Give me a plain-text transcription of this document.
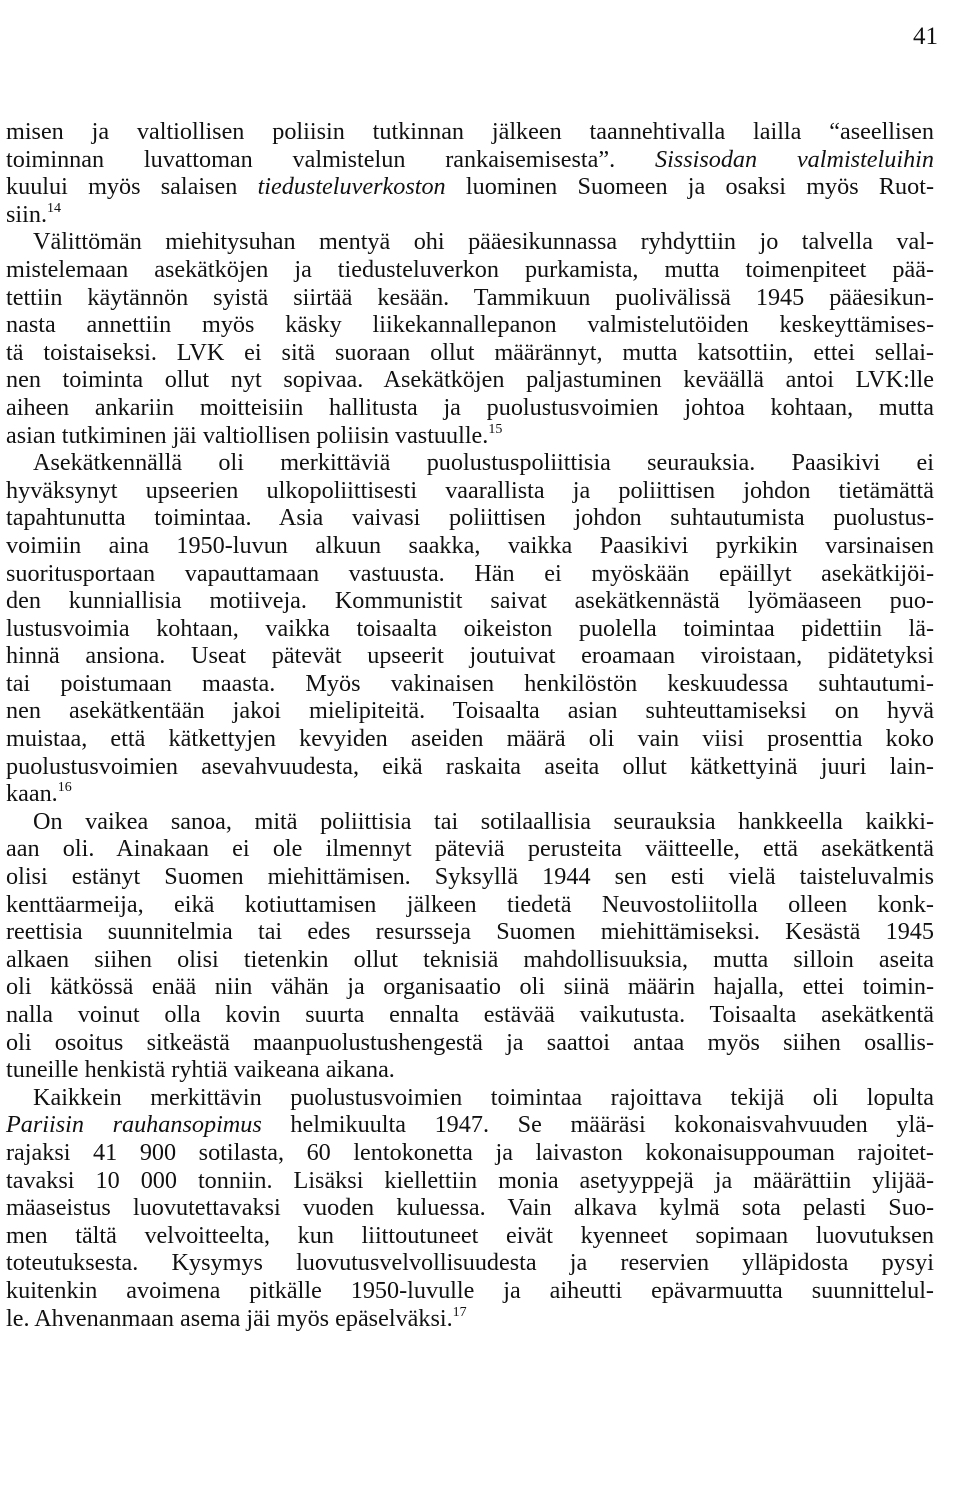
41
misen ja valtiollisen poliisin tutkinnan jälkeen taannehtivalla lailla “aseellisen
toiminnan luvattoman valmistelun rankaisemisesta”. Sissisodan valmisteluihin
kuului myös salaisen tiedusteluverkoston luominen Suomeen ja osaksi myös Ruot-
siin.$^{14}$
Välittömän miehitysuhan mentyä ohi pääesikunnassa ryhdyttiin jo talvella val-
mistelemaan asekätköjen ja tiedusteluverkon purkamista, mutta toimenpiteet pää-
tettiin käytännön syistä siirtää kesään. Tammikuun puolivälissä 1945 pääesikun-
nasta annettiin myös käsky liikekannallepanon valmistelutöiden keskeyttämises-
tä toistaiseksi. LVK ei sitä suoraan ollut määrännyt, mutta katsottiin, ettei sellai-
nen toiminta ollut nyt sopivaa. Asekätköjen paljastuminen keväällä antoi LVK:lle
aiheen ankariin moitteisiin hallitusta ja puolustusvoimien johtoa kohtaan, mutta
asian tutkiminen jäi valtiollisen poliisin vastuulle.$^{15}$
Asekätkennällä oli merkittäviä puolustuspoliittisia seurauksia. Paasikivi ei
hyväksynyt upseerien ulkopoliittisesti vaarallista ja poliittisen johdon tietämättä
tapahtunutta toimintaa. Asia vaivasi poliittisen johdon suhtautumista puolustus-
voimiin aina 1950-luvun alkuun saakka, vaikka Paasikivi pyrkikin varsinaisen
suoritusportaan vapauttamaan vastuusta. Hän ei myöskään epäillyt asekätkijöi-
den kunniallisia motiiveja. Kommunistit saivat asekätkennästä lyömäaseen puo-
lustusvoimia kohtaan, vaikka toisaalta oikeiston puolella toimintaa pidettiin lä-
hinnä ansiona. Useat pätevät upseerit joutuivat eroamaan viroistaan, pidätetyksi
tai poistumaan maasta. Myös vakinaisen henkilöstön keskuudessa suhtautumi-
nen asekätkentään jakoi mielipiteitä. Toisaalta asian suhteuttamiseksi on hyvä
muistaa, että kätkettyjen kevyiden aseiden määrä oli vain viisi prosenttia koko
puolustusvoimien asevahvuudesta, eikä raskaita aseita ollut kätkettyinä juuri lain-
kaan.$^{16}$
On vaikea sanoa, mitä poliittisia tai sotilaallisia seurauksia hankkeella kaikki-
aan oli. Ainakaan ei ole ilmennyt päteviä perusteita väitteelle, että asekätkentä
olisi estänyt Suomen miehittämisen. Syksyllä 1944 sen esti vielä taisteluvalmis
kenttäarmeija, eikä kotiuttamisen jälkeen tiedetä Neuvostoliitolla olleen konk-
reettisia suunnitelmia tai edes resursseja Suomen miehittämiseksi. Kesästä 1945
alkaen siihen olisi tietenkin ollut teknisiä mahdollisuuksia, mutta silloin aseita
oli kätkössä enää niin vähän ja organisaatio oli siinä määrin hajalla, ettei toimin-
nalla voinut olla kovin suurta ennalta estävää vaikutusta. Toisaalta asekätkentä
oli osoitus sitkeästä maanpuolustushengestä ja saattoi antaa myös siihen osallis-
tuneille henkistä ryhtiä vaikeana aikana.
Kaikkein merkittävin puolustusvoimien toimintaa rajoittava tekijä oli lopulta
Pariisin rauhansopimus helmikuulta 1947. Se määräsi kokonaisvahvuuden ylä-
rajaksi 41 900 sotilasta, 60 lentokonetta ja laivaston kokonaisuppouman rajoitet-
tavaksi 10 000 tonniin. Lisäksi kiellettiin monia asetyyppejä ja määrättiin ylijää-
mäaseistus luovutettavaksi vuoden kuluessa. Vain alkava kylmä sota pelasti Suo-
men tältä velvoitteelta, kun liittoutuneet eivät kyenneet sopimaan luovutuksen
toteutuksesta. Kysymys luovutusvelvollisuudesta ja reservien ylläpidosta pysyi
kuitenkin avoimena pitkälle 1950-luvulle ja aiheutti epävarmuutta suunnittelul-
le. Ahvenanmaan asema jäi myös epäselväksi.$^{17}$
